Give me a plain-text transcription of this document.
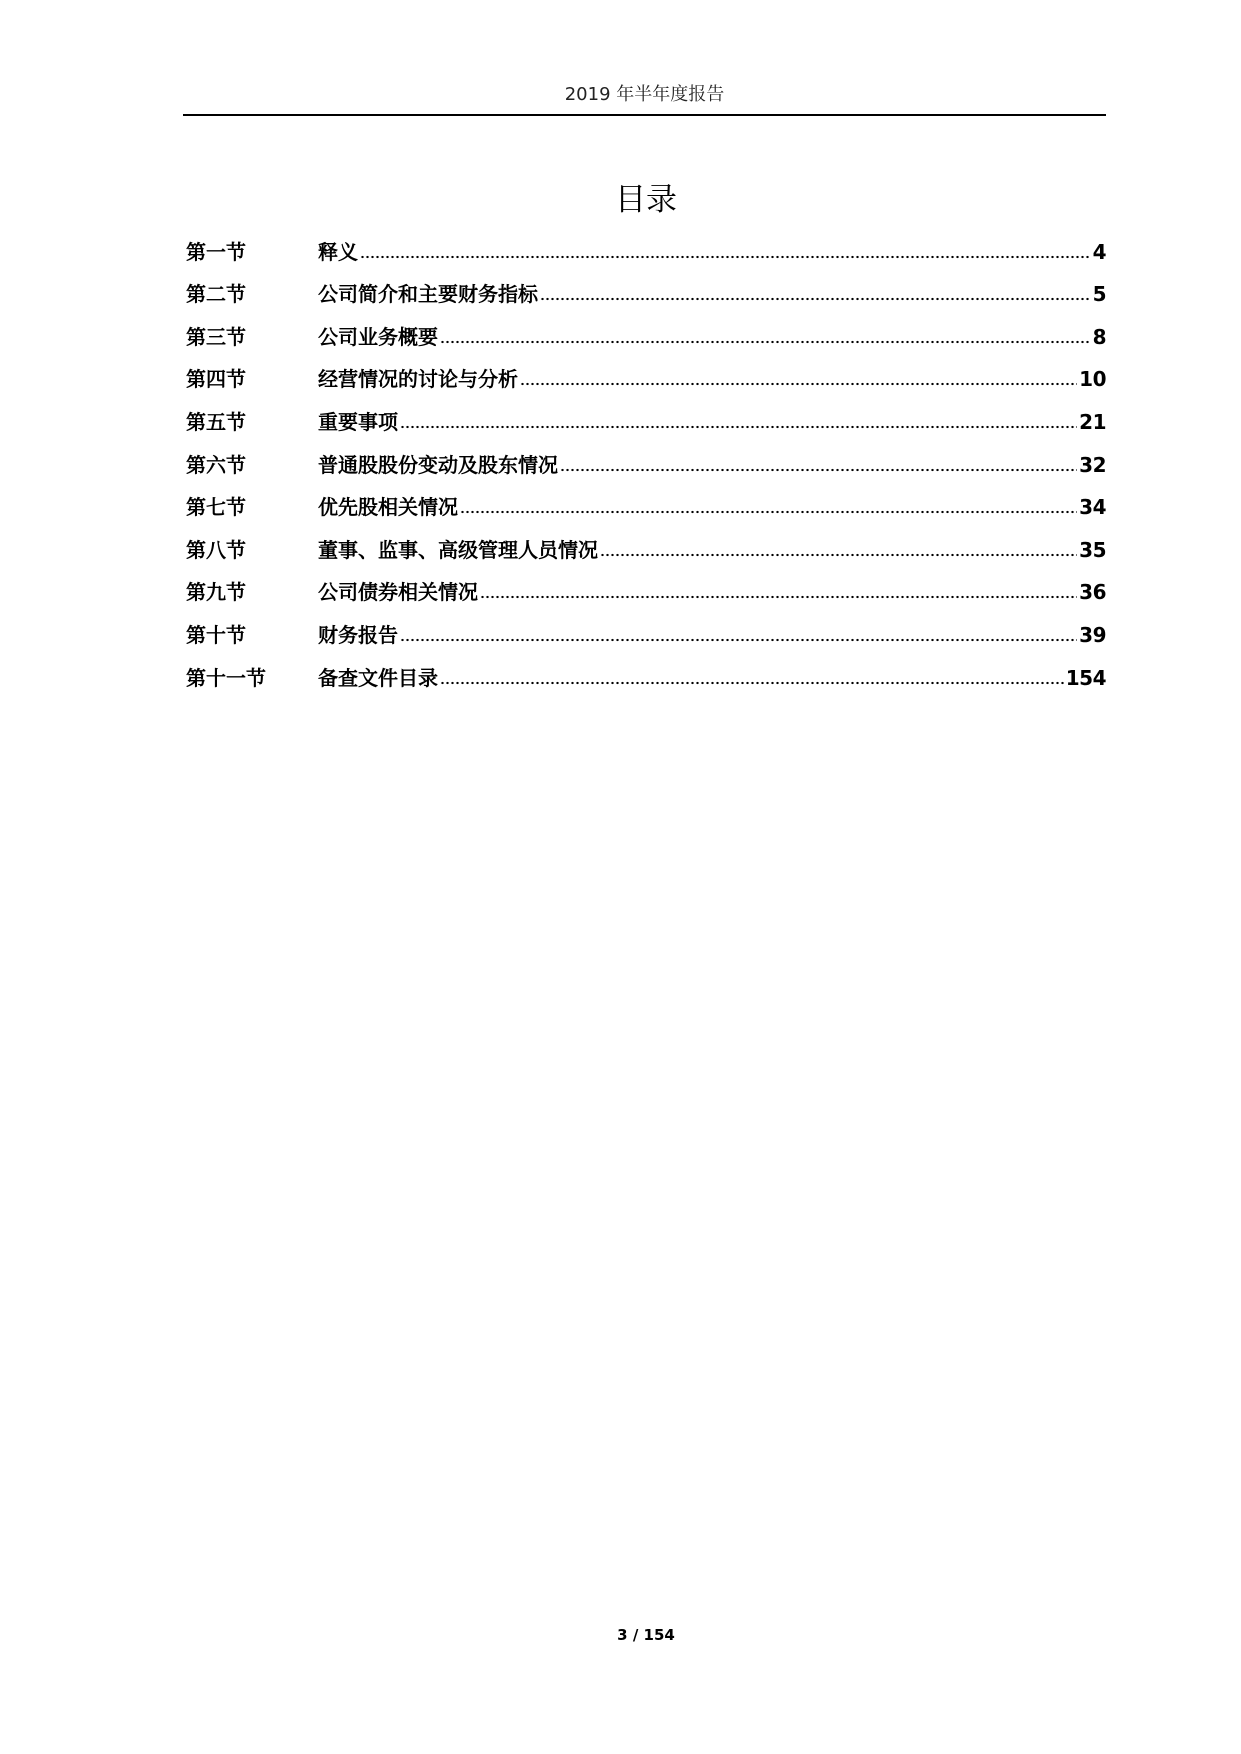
2019 年半年度报告
目录
第一节	释义	4
第二节	公司简介和主要财务指标	5
第三节	公司业务概要	8
第四节	经营情况的讨论与分析	10
第五节	重要事项	21
第六节	普通股股份变动及股东情况	32
第七节	优先股相关情况	34
第八节	董事、监事、高级管理人员情况	35
第九节	公司债券相关情况	36
第十节	财务报告	39
第十一节	备查文件目录	154
3 / 154
